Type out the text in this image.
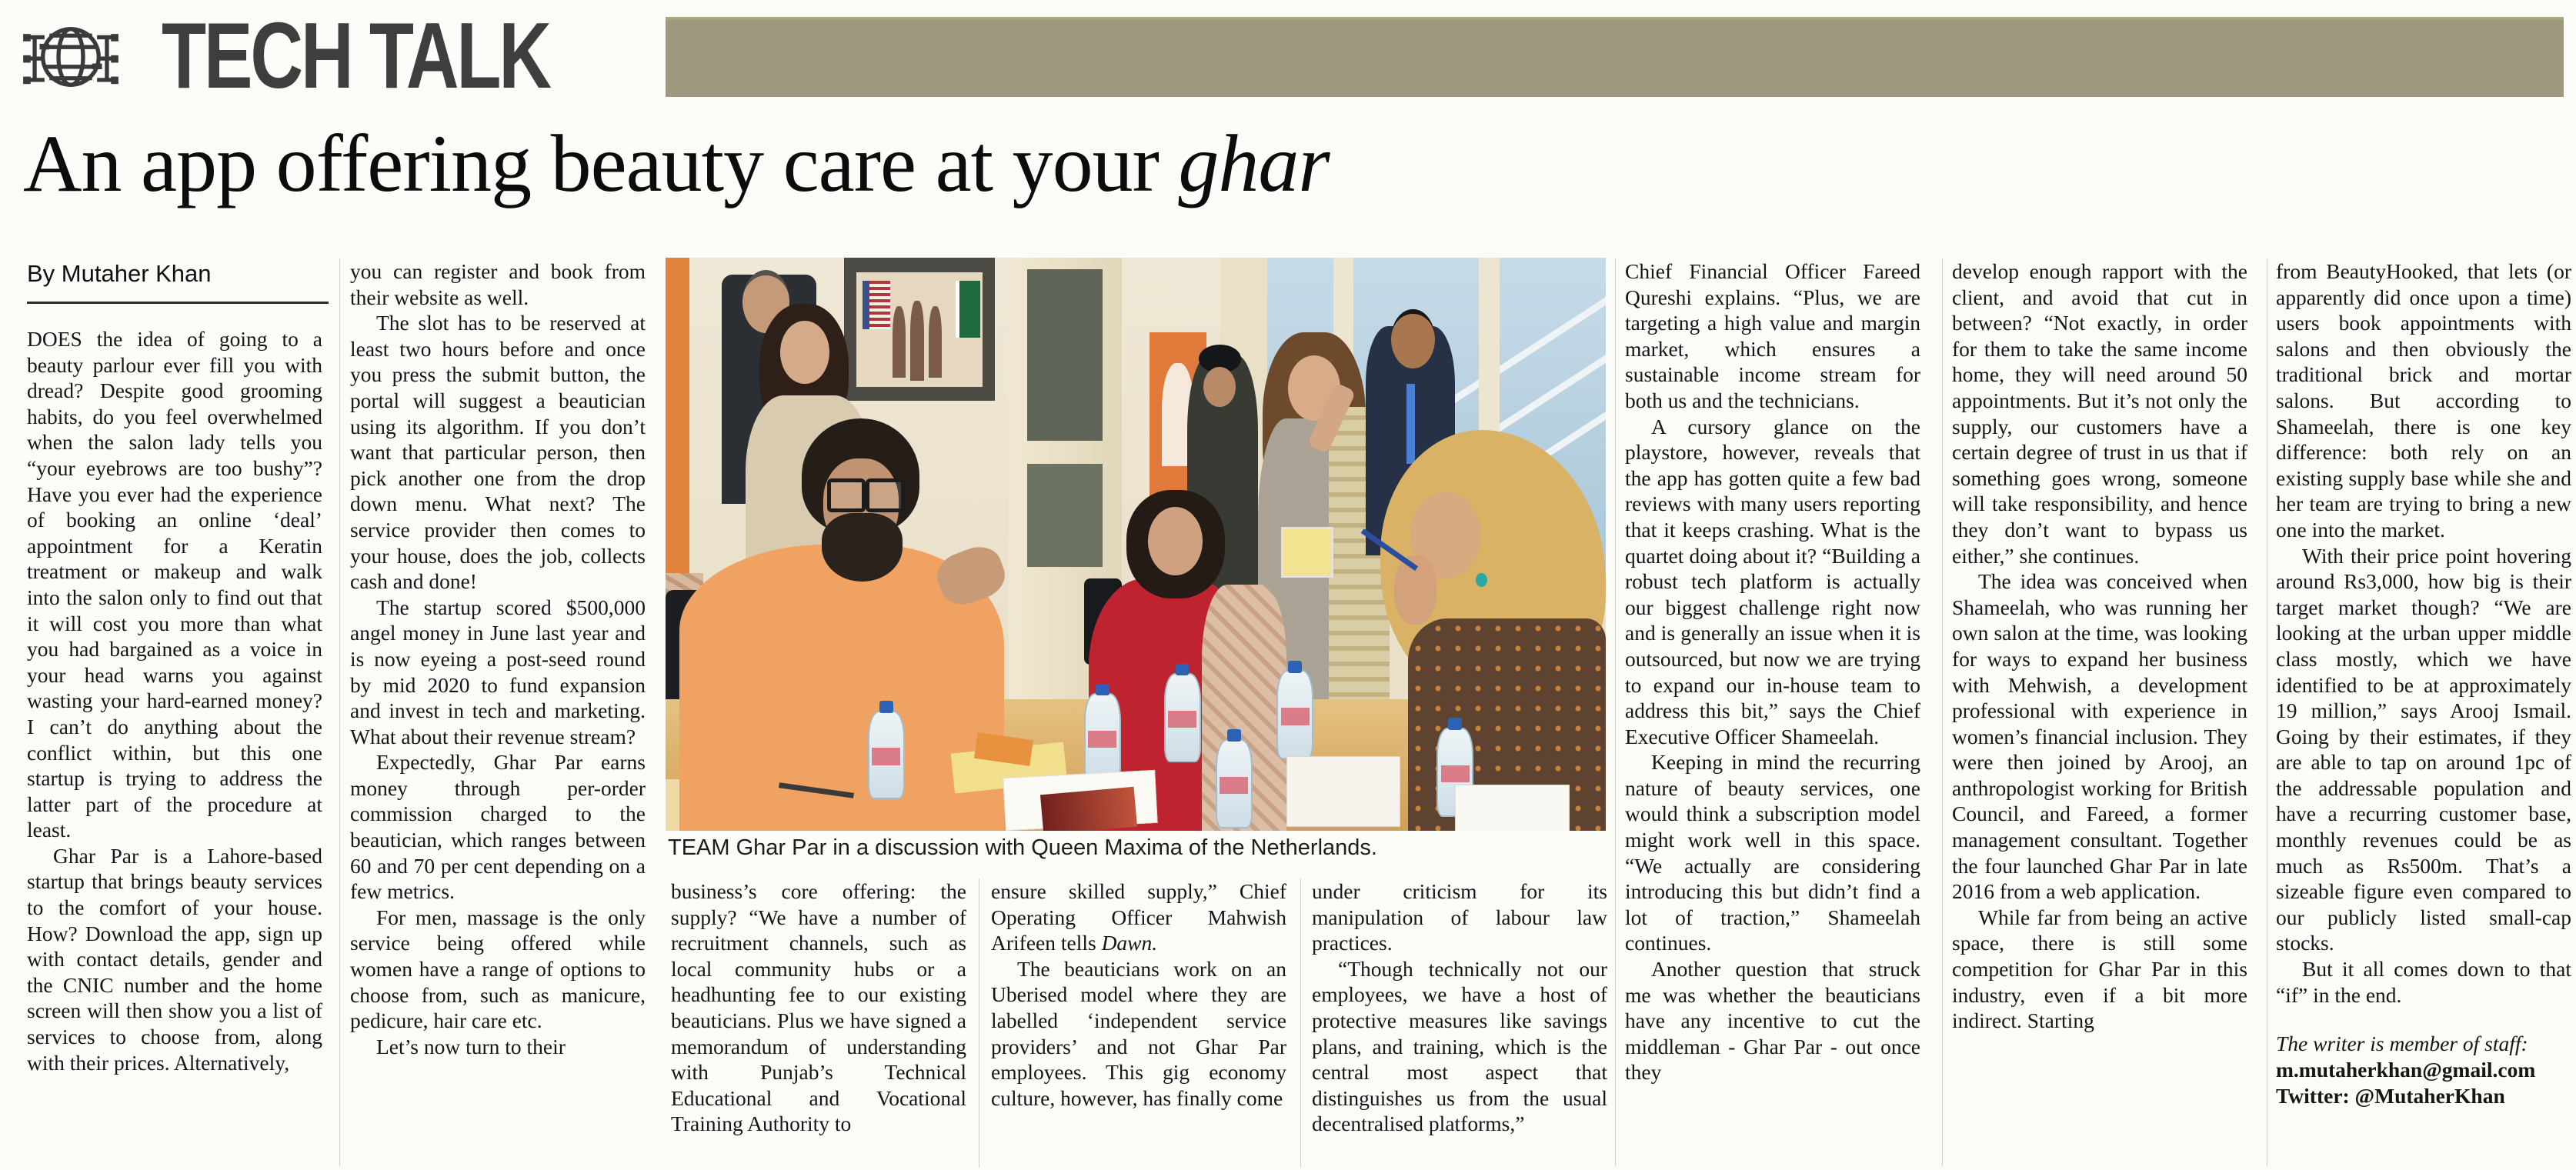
TECH TALK
An app offering beauty care at your ghar
By Mutaher Khan

DOES the idea of going to a beauty parlour ever fill you with dread? Despite good grooming habits, do you feel overwhelmed when the salon lady tells you “your eyebrows are too bushy”? Have you ever had the experience of booking an online ‘deal’ appointment for a Keratin treatment or makeup and walk into the salon only to find out that it will cost you more than what you had bargained as a voice in your head warns you against wasting your hard-earned money? I can’t do anything about the conflict within, but this one startup is trying to address the latter part of the procedure at least.

Ghar Par is a Lahore-based startup that brings beauty services to the comfort of your house. How? Download the app, sign up with contact details, gender and the CNIC number and the home screen will then show you a list of services to choose from, along with their prices. Alternatively,

you can register and book from their website as well.

The slot has to be reserved at least two hours before and once you press the submit button, the portal will suggest a beautician using its algorithm. If you don’t want that particular person, then pick another one from the drop down menu. What next? The service provider then comes to your house, does the job, collects cash and done!

The startup scored $500,000 angel money in June last year and is now eyeing a post-seed round by mid 2020 to fund expansion and invest in tech and marketing. What about their revenue stream?

Expectedly, Ghar Par earns money through per-order commission charged to the beautician, which ranges between 60 and 70 per cent depending on a few metrics.

For men, massage is the only service being offered while women have a range of options to choose from, such as manicure, pedicure, hair care etc.

Let’s now turn to their

business’s core offering: the supply? “We have a number of recruitment channels, such as local community hubs or a headhunting fee to our existing beauticians. Plus we have signed a memorandum of understanding with Punjab’s Technical Educational and Vocational Training Authority to

ensure skilled supply,” Chief Operating Officer Mahwish Arifeen tells Dawn.

The beauticians work on an Uberised model where they are labelled ‘independent service providers’ and not Ghar Par employees. This gig economy culture, however, has finally come

under criticism for its manipulation of labour law practices.

“Though technically not our employees, we have a host of protective measures like savings plans, and training, which is the central most aspect that distinguishes us from the usual decentralised platforms,”

Chief Financial Officer Fareed Qureshi explains. “Plus, we are targeting a high value and margin market, which ensures a sustainable income stream for both us and the technicians.

A cursory glance on the playstore, however, reveals that the app has gotten quite a few bad reviews with many users reporting that it keeps crashing. What is the quartet doing about it? “Building a robust tech platform is actually our biggest challenge right now and is generally an issue when it is outsourced, but now we are trying to expand our in-house team to address this bit,” says the Chief Executive Officer Shameelah.

Keeping in mind the recurring nature of beauty services, one would think a subscription model might work well in this space. “We actually are considering introducing this but didn’t find a lot of traction,” Shameelah continues.

Another question that struck me was whether the beauticians have any incentive to cut the middleman - Ghar Par - out once they

develop enough rapport with the client, and avoid that cut in between? “Not exactly, in order for them to take the same income home, they will need around 50 appointments. But it’s not only the supply, our customers have a certain degree of trust in us that if something goes wrong, someone will take responsibility, and hence they don’t want to bypass us either,” she continues.

The idea was conceived when Shameelah, who was running her own salon at the time, was looking for ways to expand her business with Mehwish, a development professional with experience in women’s financial inclusion. They were then joined by Arooj, an anthropologist working for British Council, and Fareed, a former management consultant. Together the four launched Ghar Par in late 2016 from a web application.

While far from being an active space, there is still some competition for Ghar Par in this industry, even if a bit more indirect. Starting

from BeautyHooked, that lets (or apparently did once upon a time) users book appointments with salons and then obviously the traditional brick and mortar salons. But according to Shameelah, there is one key difference: both rely on an existing supply base while she and her team are trying to bring a new one into the market.

With their price point hovering around Rs3,000, how big is their target market though? “We are looking at the urban upper middle class mostly, which we have identified to be at approximately 19 million,” says Arooj Ismail. Going by their estimates, if they are able to tap on around 1pc of the addressable population and have a recurring customer base, monthly revenues could be as much as Rs500m. That’s a sizeable figure even compared to our publicly listed small-cap stocks.

But it all comes down to that “if” in the end.

The writer is member of staff:

m.mutaherkhan@gmail.com

Twitter: @MutaherKhan

TEAM Ghar Par in a discussion with Queen Maxima of the Netherlands.
